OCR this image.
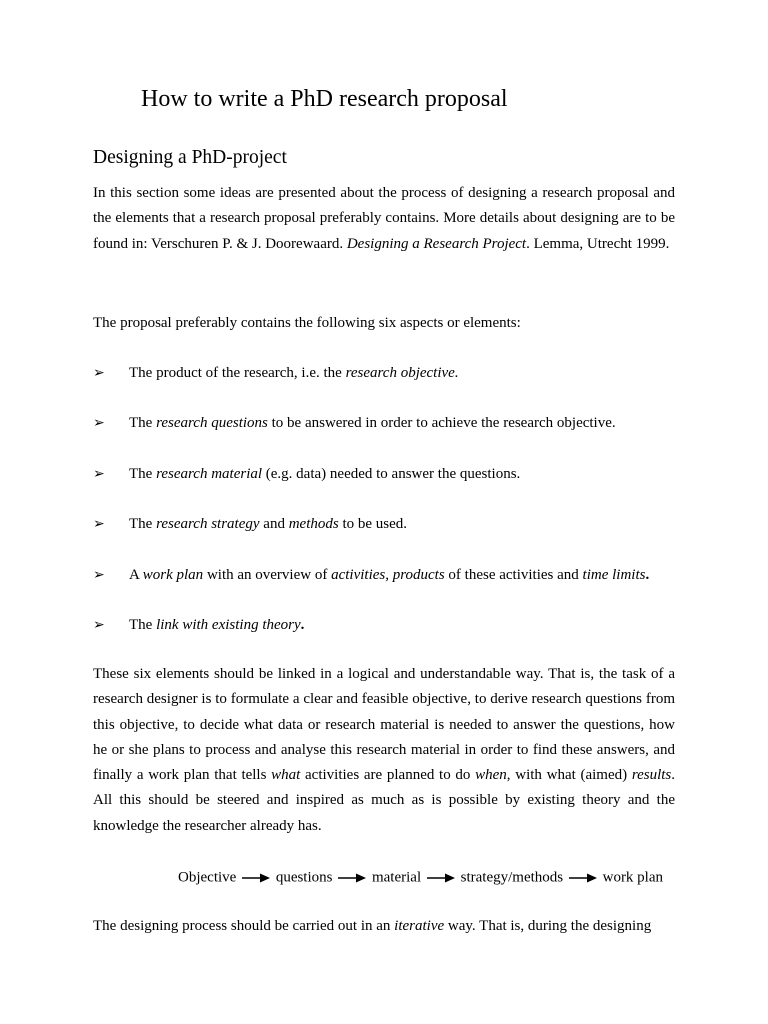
How to write a PhD research proposal
Designing a PhD-project

In this section some ideas are presented about the process of designing a research proposal and the elements that a research proposal preferably contains. More details about designing are to be found in: Verschuren P. & J. Doorewaard. Designing a Research Project. Lemma, Utrecht 1999.

The proposal preferably contains the following six aspects or elements:

➢ The product of the research, i.e. the research objective.
➢ The research questions to be answered in order to achieve the research objective.
➢ The research material (e.g. data) needed to answer the questions.
➢ The research strategy and methods to be used.
➢ A work plan with an overview of activities, products of these activities and time limits.
➢ The link with existing theory.

These six elements should be linked in a logical and understandable way. That is, the task of a research designer is to formulate a clear and feasible objective, to derive research questions from this objective, to decide what data or research material is needed to answer the questions, how he or she plans to process and analyse this research material in order to find these answers, and finally a work plan that tells what activities are planned to do when, with what (aimed) results. All this should be steered and inspired as much as is possible by existing theory and the knowledge the researcher already has.

Objective	questions	material	strategy/methods	work plan

The designing process should be carried out in an iterative way. That is, during the designing
